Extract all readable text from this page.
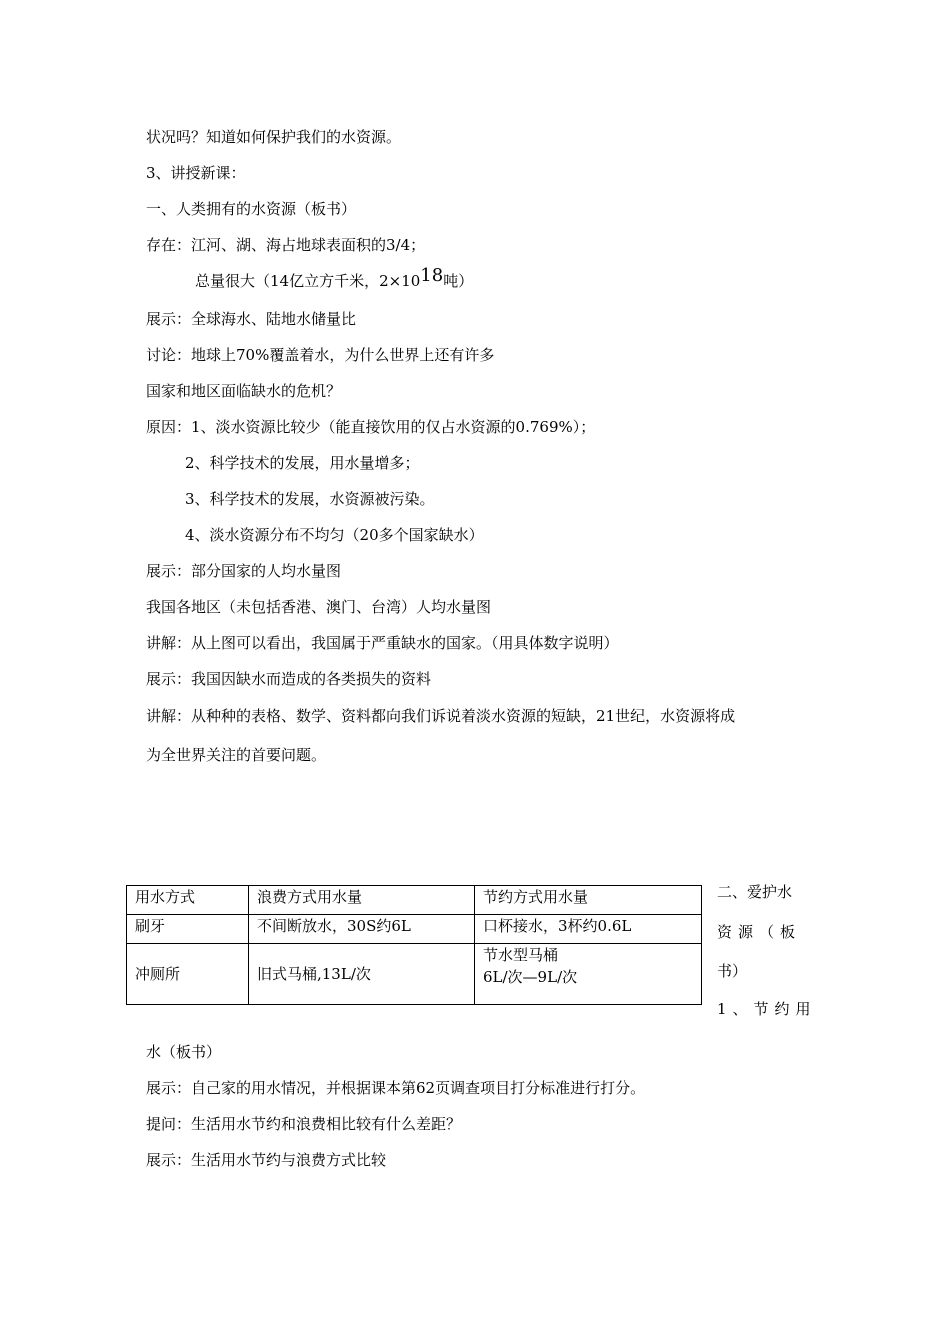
状况吗？知道如何保护我们的水资源。

3、讲授新课：

一、人类拥有的水资源（板书）

存在：江河、湖、海占地球表面积的3/4；

总量很大（14亿立方千米，$2\times 10^{18}$吨）

展示：全球海水、陆地水储量比

讨论：地球上70%覆盖着水，为什么世界上还有许多

国家和地区面临缺水的危机？

原因：1、淡水资源比较少（能直接饮用的仅占水资源的0.769%）；

2、科学技术的发展，用水量增多；

3、科学技术的发展，水资源被污染。

4、淡水资源分布不均匀（20多个国家缺水）

展示：部分国家的人均水量图

我国各地区（未包括香港、澳门、台湾）人均水量图

讲解：从上图可以看出，我国属于严重缺水的国家。（用具体数字说明）

展示：我国因缺水而造成的各类损失的资料

讲解：从种种的表格、数学、资料都向我们诉说着淡水资源的短缺，21世纪，水资源将成

为全世界关注的首要问题。

用水方式	浪费方式用水量	节约方式用水量
刷牙	不间断放水，30S约6L	口杯接水，3杯约0.6L
冲厕所	旧式马桶,13L/次	节水型马桶
6L/次—9L/次
二、爱护水
资源（板
书）
1、节约用

水（板书）

展示：自己家的用水情况，并根据课本第62页调查项目打分标准进行打分。

提问：生活用水节约和浪费相比较有什么差距？

展示：生活用水节约与浪费方式比较
